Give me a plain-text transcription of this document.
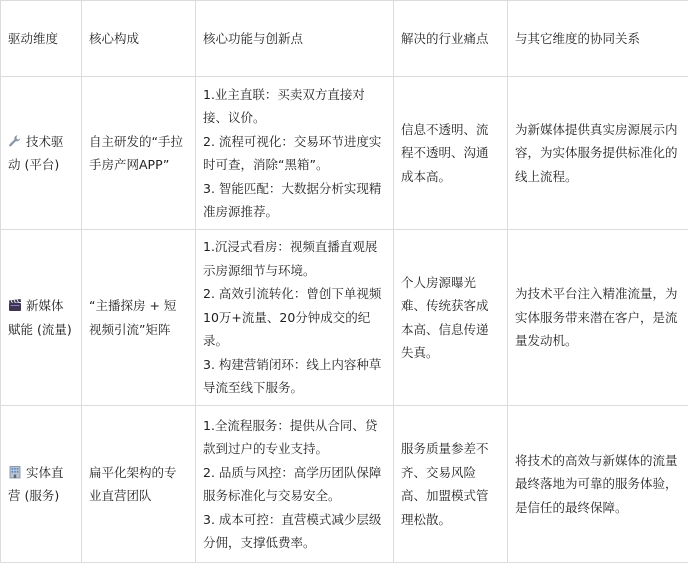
驱动维度	核心构成	核心功能与创新点	解决的行业痛点	与其它维度的协同关系
技术驱动 (平台)	自主研发的“手拉手房产网APP”	1.业主直联：买卖双方直接对接、议价。
2. 流程可视化：交易环节进度实时可查，消除“黑箱”。
3. 智能匹配：大数据分析实现精准房源推荐。	信息不透明、流程不透明、沟通成本高。	为新媒体提供真实房源展示内容，为实体服务提供标准化的线上流程。
新媒体赋能 (流量)	“主播探房 + 短视频引流”矩阵	1.沉浸式看房：视频直播直观展示房源细节与环境。
2. 高效引流转化：曾创下单视频10万+流量、20分钟成交的纪录。
3. 构建营销闭环：线上内容种草导流至线下服务。	个人房源曝光难、传统获客成本高、信息传递失真。	为技术平台注入精准流量，为实体服务带来潜在客户，是流量发动机。
实体直营 (服务)	扁平化架构的专业直营团队	1.全流程服务：提供从合同、贷款到过户的专业支持。
2. 品质与风控：高学历团队保障服务标准化与交易安全。
3. 成本可控：直营模式减少层级分佣，支撑低费率。	服务质量参差不齐、交易风险高、加盟模式管理松散。	将技术的高效与新媒体的流量最终落地为可靠的服务体验，是信任的最终保障。
